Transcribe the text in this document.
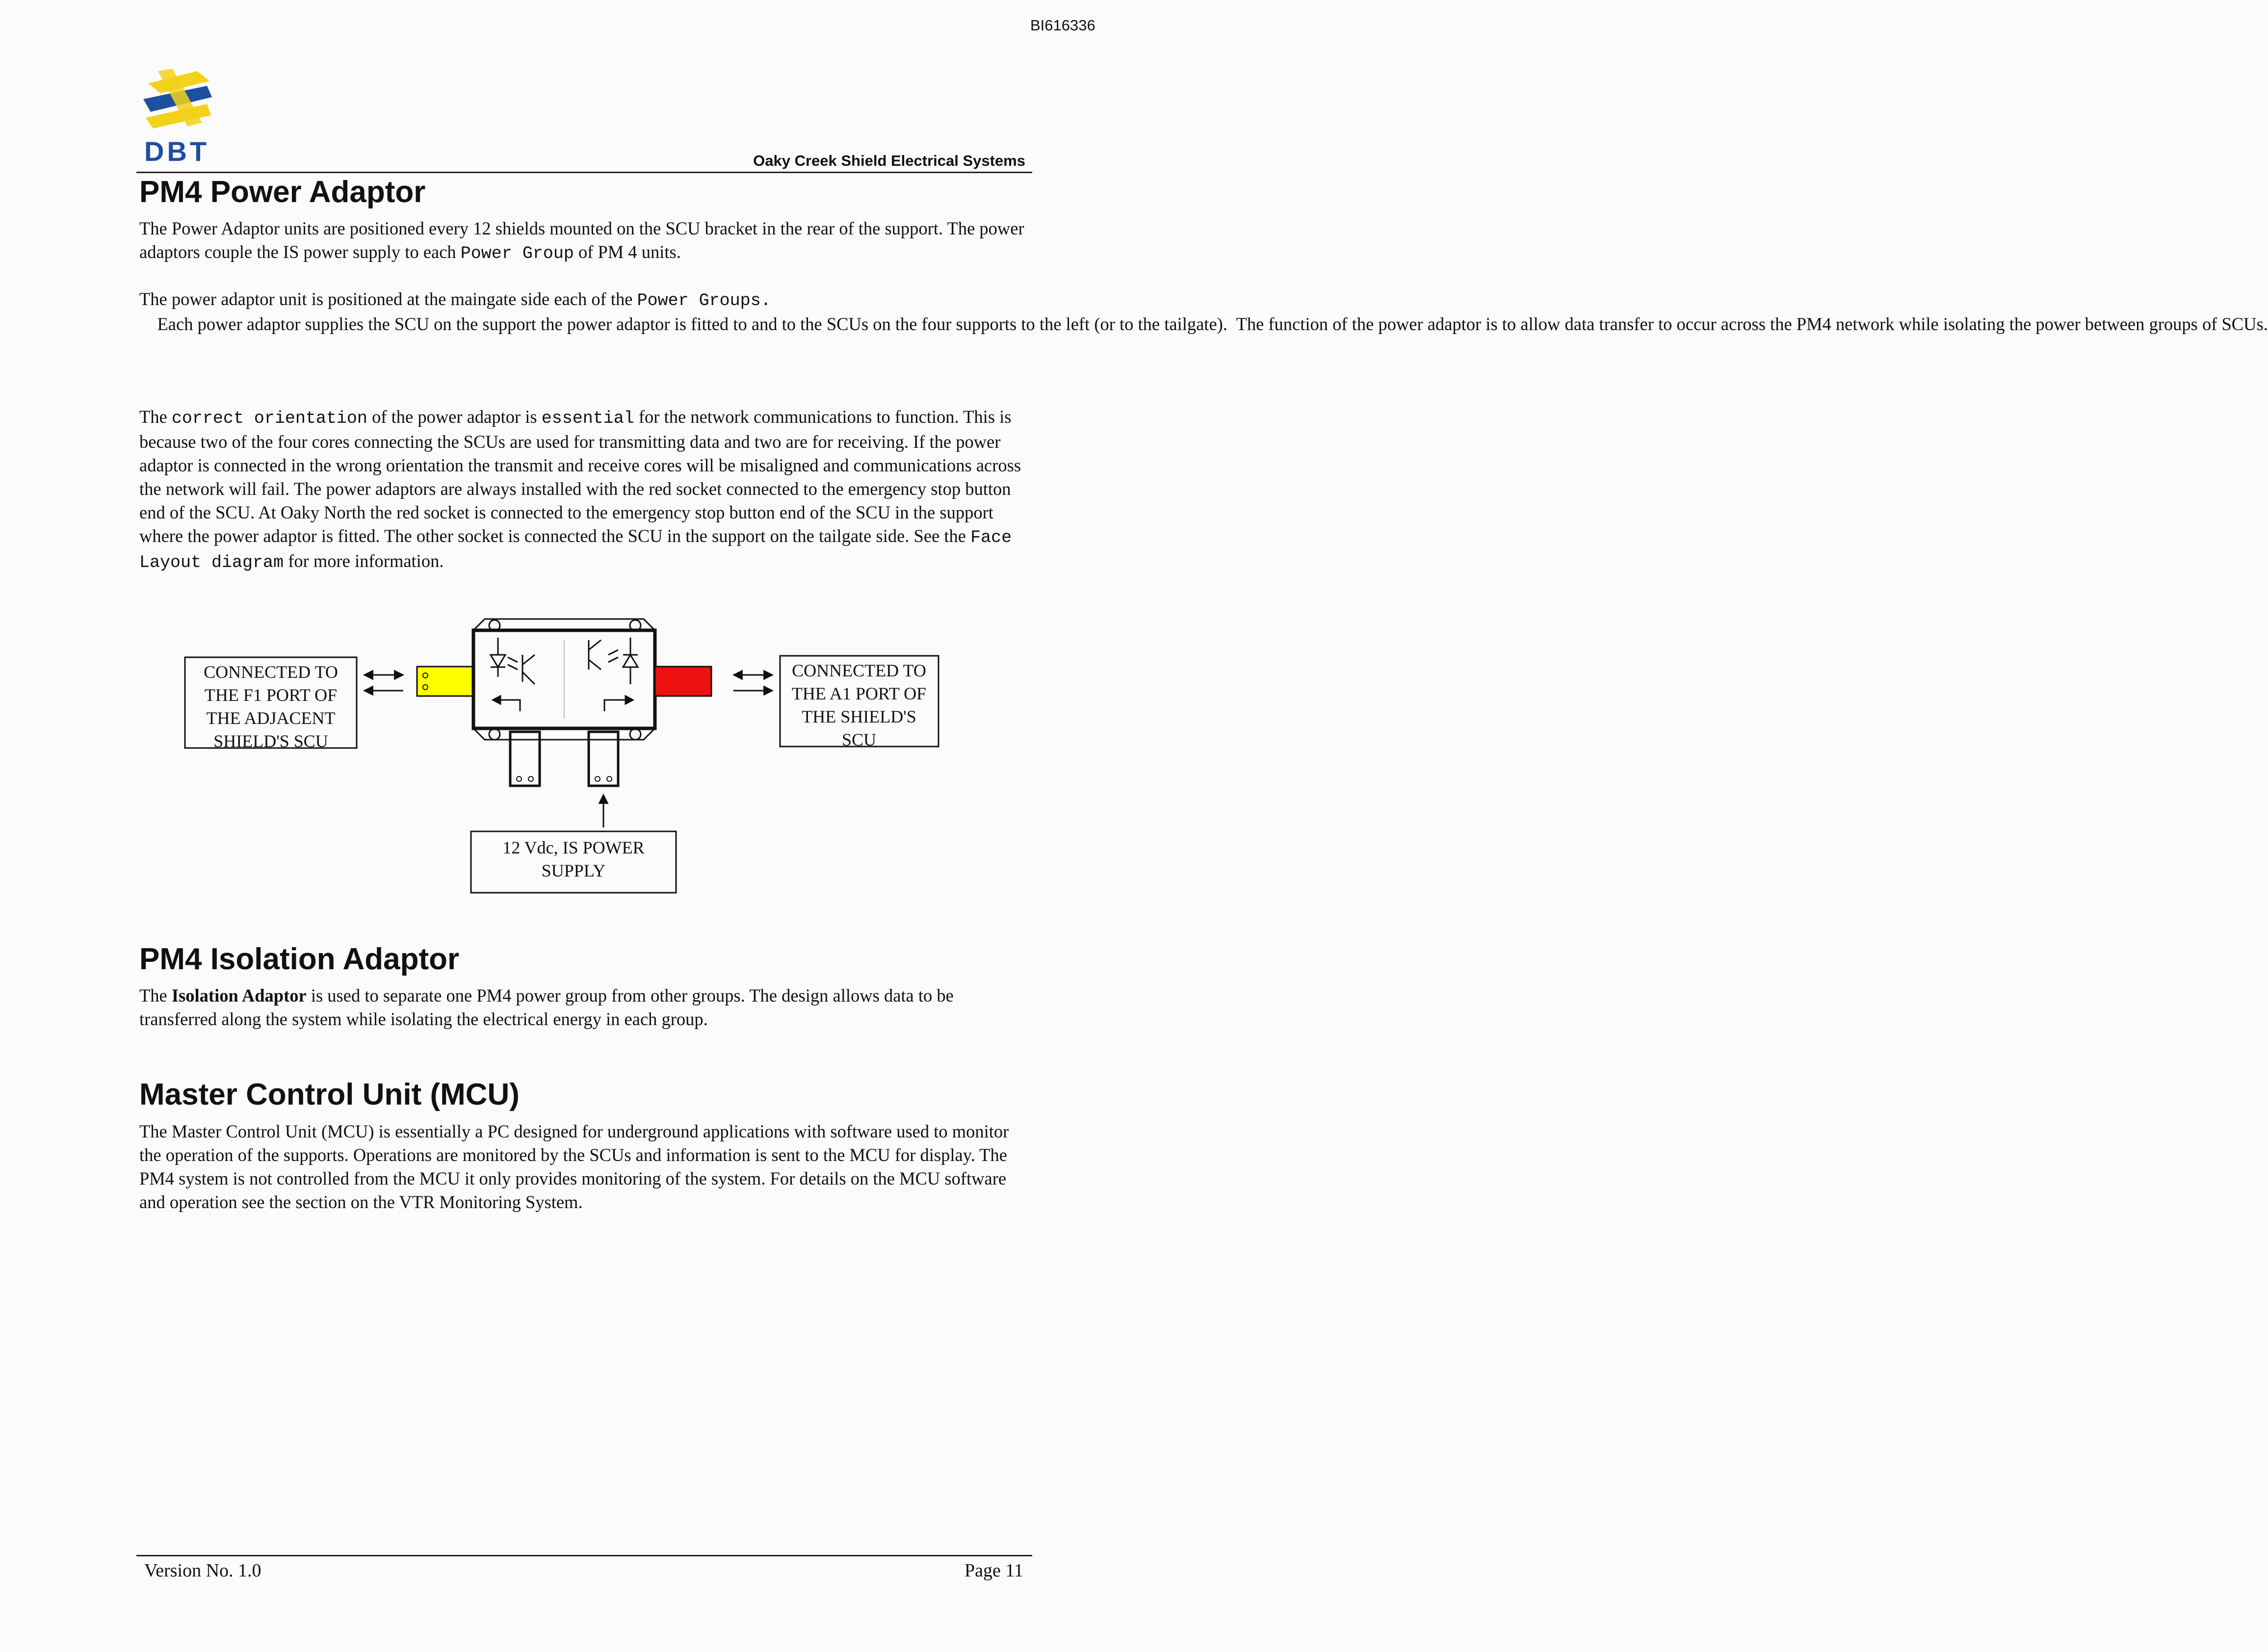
BI616336
DBT	Oaky Creek Shield Electrical Systems
PM4 Power Adaptor

The Power Adaptor units are positioned every 12 shields mounted on the SCU bracket in the rear of the support. The power adaptors couple the IS power supply to each Power Group of PM 4 units.

The power adaptor unit is positioned at the maingate side each of the Power Groups.    Each power adaptor supplies the SCU on the support the power adaptor is fitted to and to the SCUs on the four supports to the left (or to the tailgate).  The function of the power adaptor is to allow data transfer to occur across the PM4 network while isolating the power between groups of SCUs.

The correct orientation of the power adaptor is essential for the network communications to function. This is because two of the four cores connecting the SCUs are used for transmitting data and two are for receiving. If the power adaptor is connected in the wrong orientation the transmit and receive cores will be misaligned and communications across the network will fail. The power adaptors are always installed with the red socket connected to the emergency stop button end of the SCU. At Oaky North the red socket is connected to the emergency stop button end of the SCU in the support where the power adaptor is fitted. The other socket is connected the SCU in the support on the tailgate side. See the Face Layout diagram for more information.

CONNECTED TO
THE F1 PORT OF
THE ADJACENT
SHIELD'S SCU
CONNECTED TO
THE A1 PORT OF
THE SHIELD'S
SCU
12 Vdc, IS POWER
SUPPLY
PM4 Isolation Adaptor

The Isolation Adaptor is used to separate one PM4 power group from other groups. The design allows data to be transferred along the system while isolating the electrical energy in each group.

Master Control Unit (MCU)

The Master Control Unit (MCU) is essentially a PC designed for underground applications with software used to monitor the operation of the supports. Operations are monitored by the SCUs and information is sent to the MCU for display. The PM4 system is not controlled from the MCU it only provides monitoring of the system. For details on the MCU software and operation see the section on the VTR Monitoring System.

Version No. 1.0	Page 11
